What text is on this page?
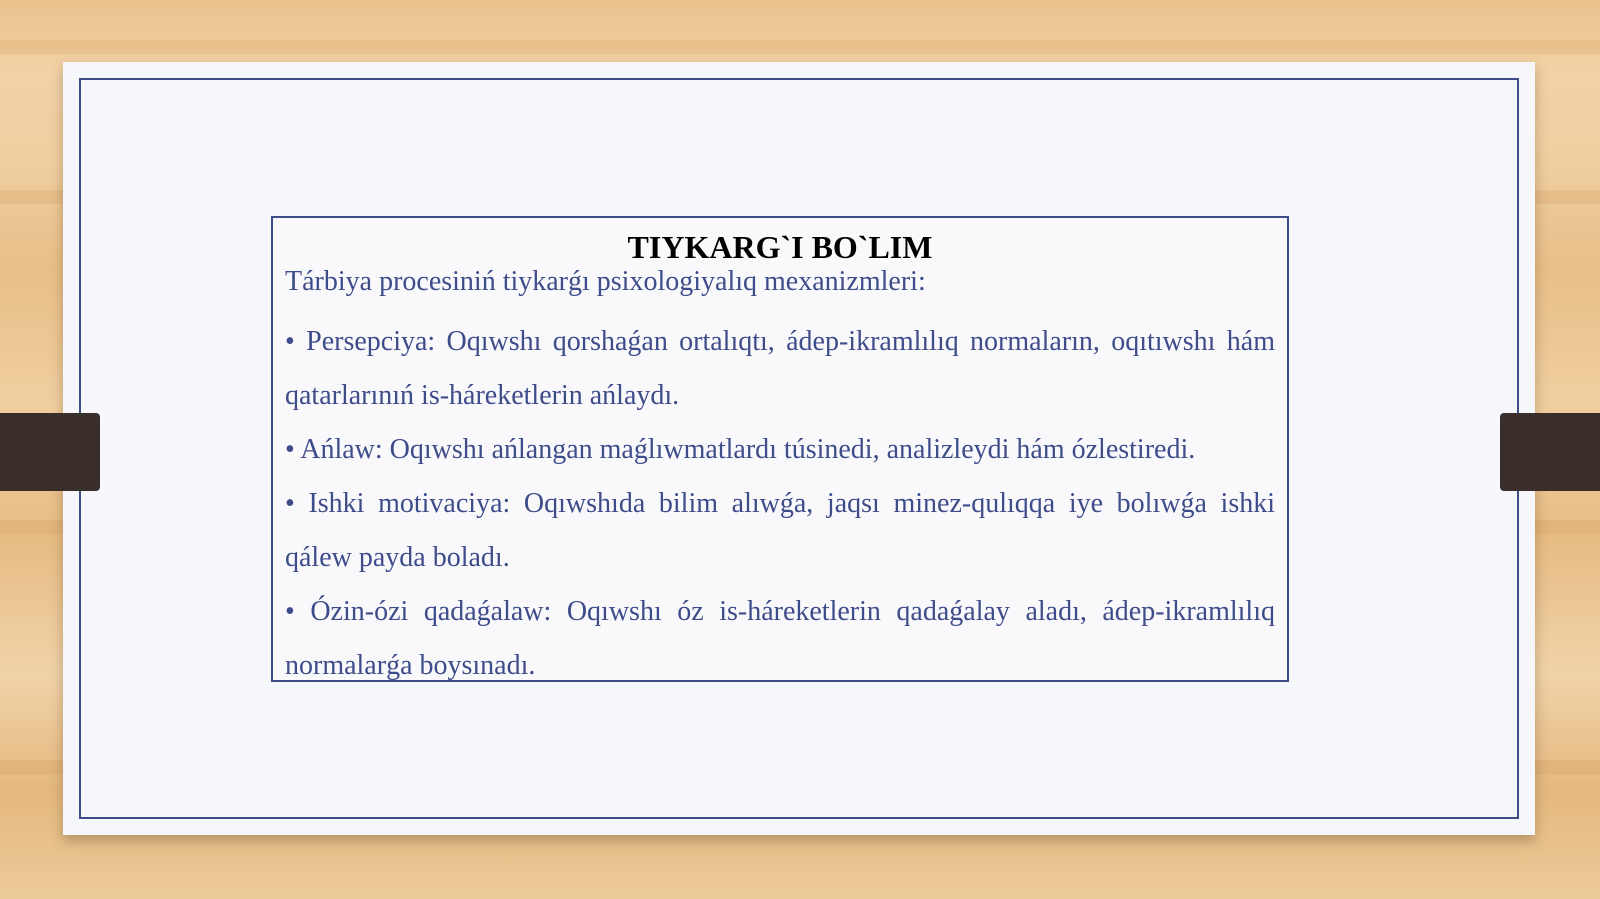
TIYKARG`I BO`LIM

Tárbiya procesiniń tiykarǵı psixologiyalıq mexanizmleri:

• Persepciya: Oqıwshı qorshaǵan ortalıqtı, ádep-ikramlılıq normaların, oqıtıwshı hám qatarlarınıń is-háreketlerin ańlaydı.
• Ańlaw: Oqıwshı ańlangan maǵlıwmatlardı túsinedi, analizleydi hám ózlestiredi.
• Ishki motivaciya: Oqıwshıda bilim alıwǵa, jaqsı minez-qulıqqa iye bolıwǵa ishki qálew payda boladı.
• Ózin-ózi qadaǵalaw: Oqıwshı óz is-háreketlerin qadaǵalay aladı, ádep-ikramlılıq normalarǵa boysınadı.
